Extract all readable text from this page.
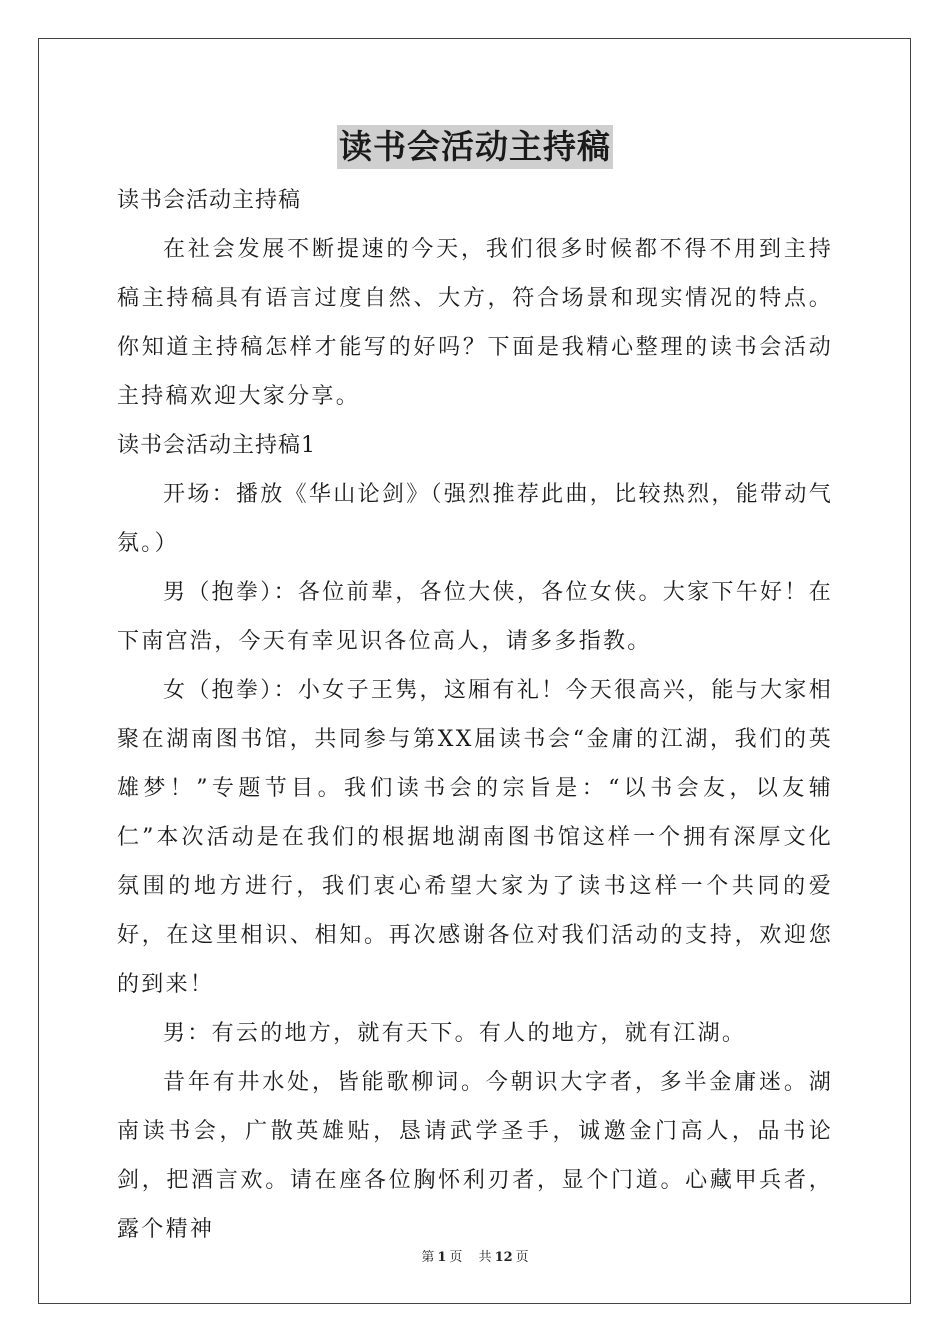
读书会活动主持稿

读书会活动主持稿

在社会发展不断提速的今天，我们很多时候都不得不用到主持稿主持稿具有语言过度自然、大方，符合场景和现实情况的特点。你知道主持稿怎样才能写的好吗？下面是我精心整理的读书会活动主持稿欢迎大家分享。

读书会活动主持稿1

开场：播放《华山论剑》（强烈推荐此曲，比较热烈，能带动气氛。）

男（抱拳）：各位前辈，各位大侠，各位女侠。大家下午好！在下南宫浩，今天有幸见识各位高人，请多多指教。

女（抱拳）：小女子王隽，这厢有礼！今天很高兴，能与大家相聚在湖南图书馆，共同参与第XX届读书会“金庸的江湖，我们的英雄梦！”专题节目。我们读书会的宗旨是：“以书会友，以友辅仁”本次活动是在我们的根据地湖南图书馆这样一个拥有深厚文化氛围的地方进行，我们衷心希望大家为了读书这样一个共同的爱好，在这里相识、相知。再次感谢各位对我们活动的支持，欢迎您的到来！

男：有云的地方，就有天下。有人的地方，就有江湖。

昔年有井水处，皆能歌柳词。今朝识大字者，多半金庸迷。湖南读书会，广散英雄贴，恳请武学圣手，诚邀金门高人，品书论剑，把酒言欢。请在座各位胸怀利刃者，显个门道。心藏甲兵者，露个精神

第 1 页 共 12 页
